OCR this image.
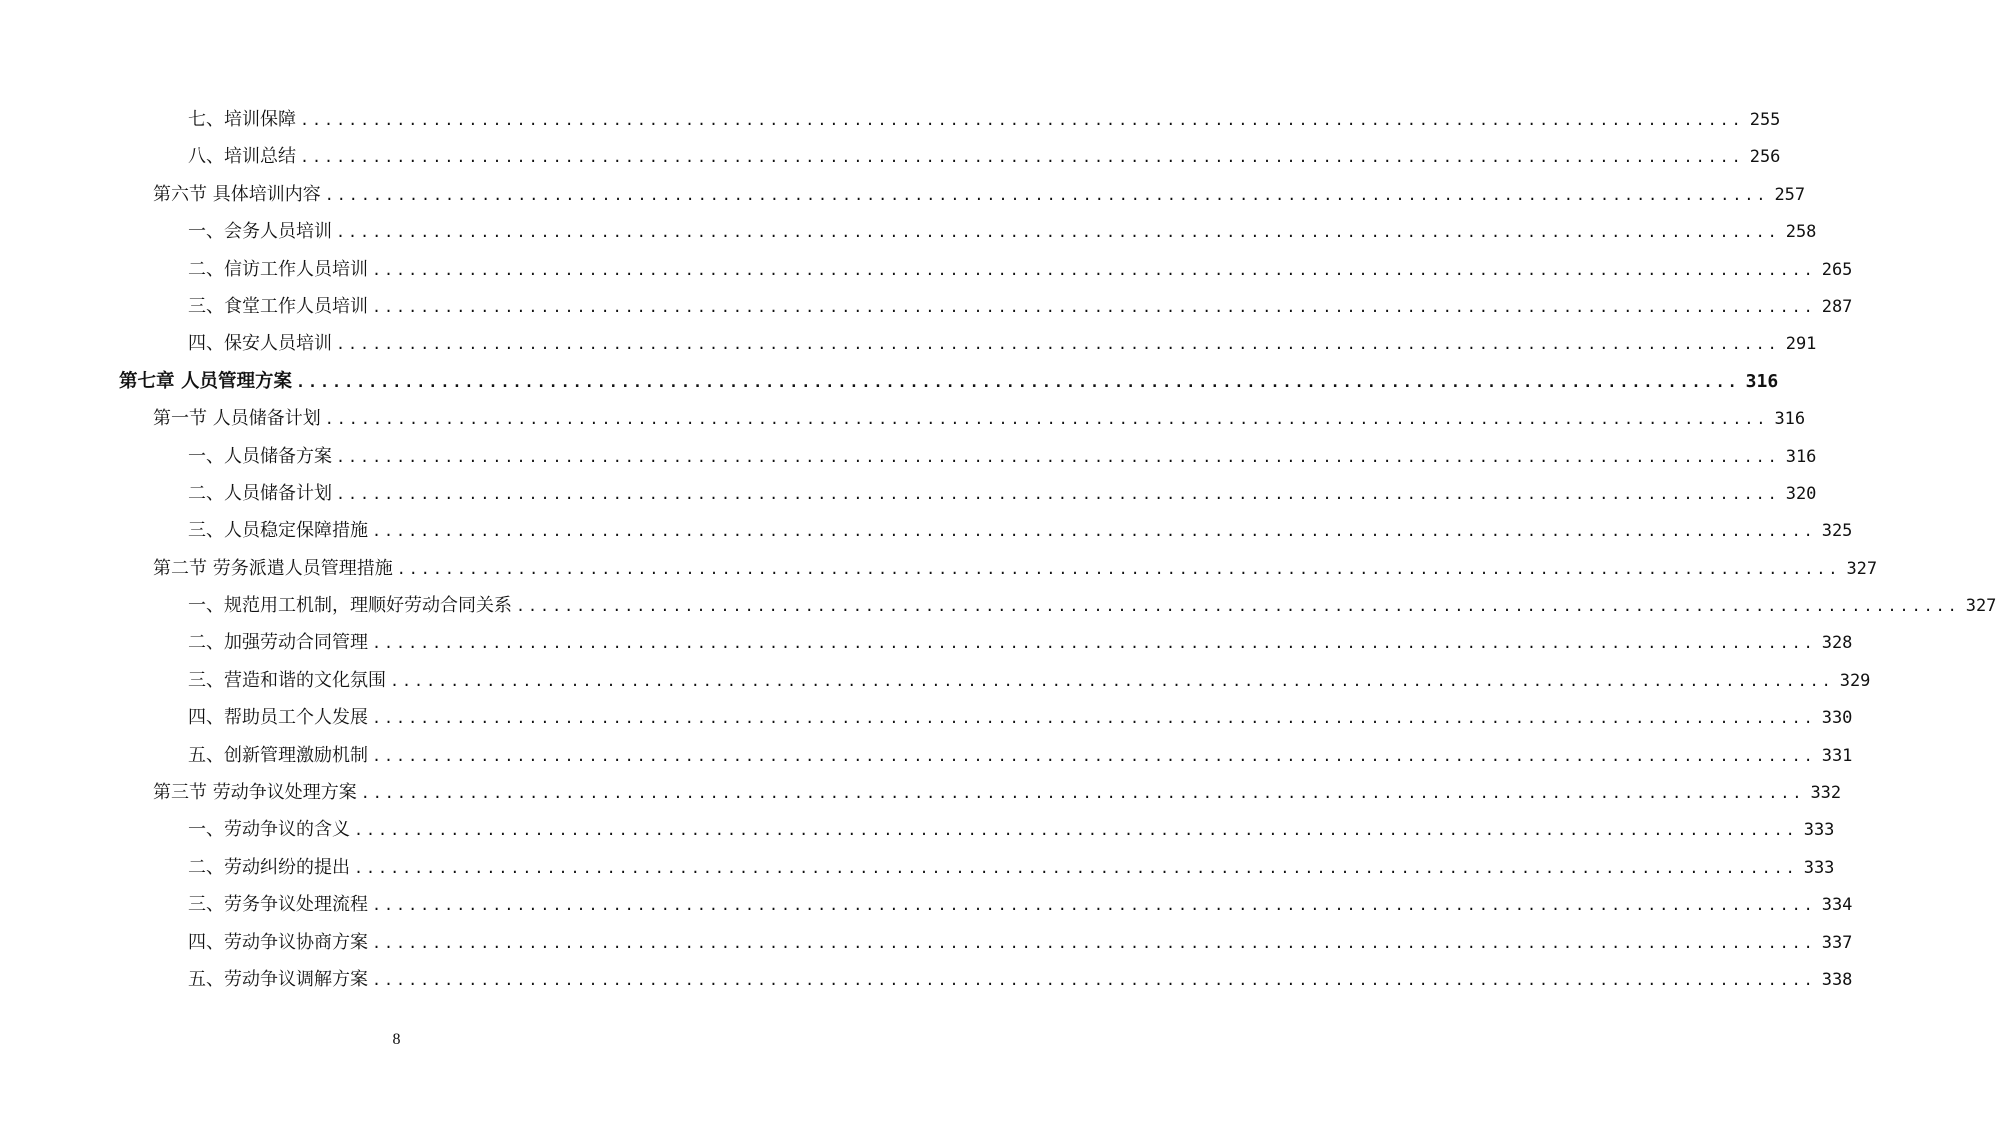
七、培训保障 ........................................................................................................................ 255
八、培训总结 ........................................................................................................................ 256
第六节 具体培训内容 ........................................................................................................................ 257
一、会务人员培训 ........................................................................................................................ 258
二、信访工作人员培训 ........................................................................................................................ 265
三、食堂工作人员培训 ........................................................................................................................ 287
四、保安人员培训 ........................................................................................................................ 291
第七章 人员管理方案 ........................................................................................................................ 316
第一节 人员储备计划 ........................................................................................................................ 316
一、人员储备方案 ........................................................................................................................ 316
二、人员储备计划 ........................................................................................................................ 320
三、人员稳定保障措施 ........................................................................................................................ 325
第二节 劳务派遣人员管理措施 ........................................................................................................................ 327
一、规范用工机制，理顺好劳动合同关系 ........................................................................................................................ 327
二、加强劳动合同管理 ........................................................................................................................ 328
三、营造和谐的文化氛围 ........................................................................................................................ 329
四、帮助员工个人发展 ........................................................................................................................ 330
五、创新管理激励机制 ........................................................................................................................ 331
第三节 劳动争议处理方案 ........................................................................................................................ 332
一、劳动争议的含义 ........................................................................................................................ 333
二、劳动纠纷的提出 ........................................................................................................................ 333
三、劳务争议处理流程 ........................................................................................................................ 334
四、劳动争议协商方案 ........................................................................................................................ 337
五、劳动争议调解方案 ........................................................................................................................ 338
8
